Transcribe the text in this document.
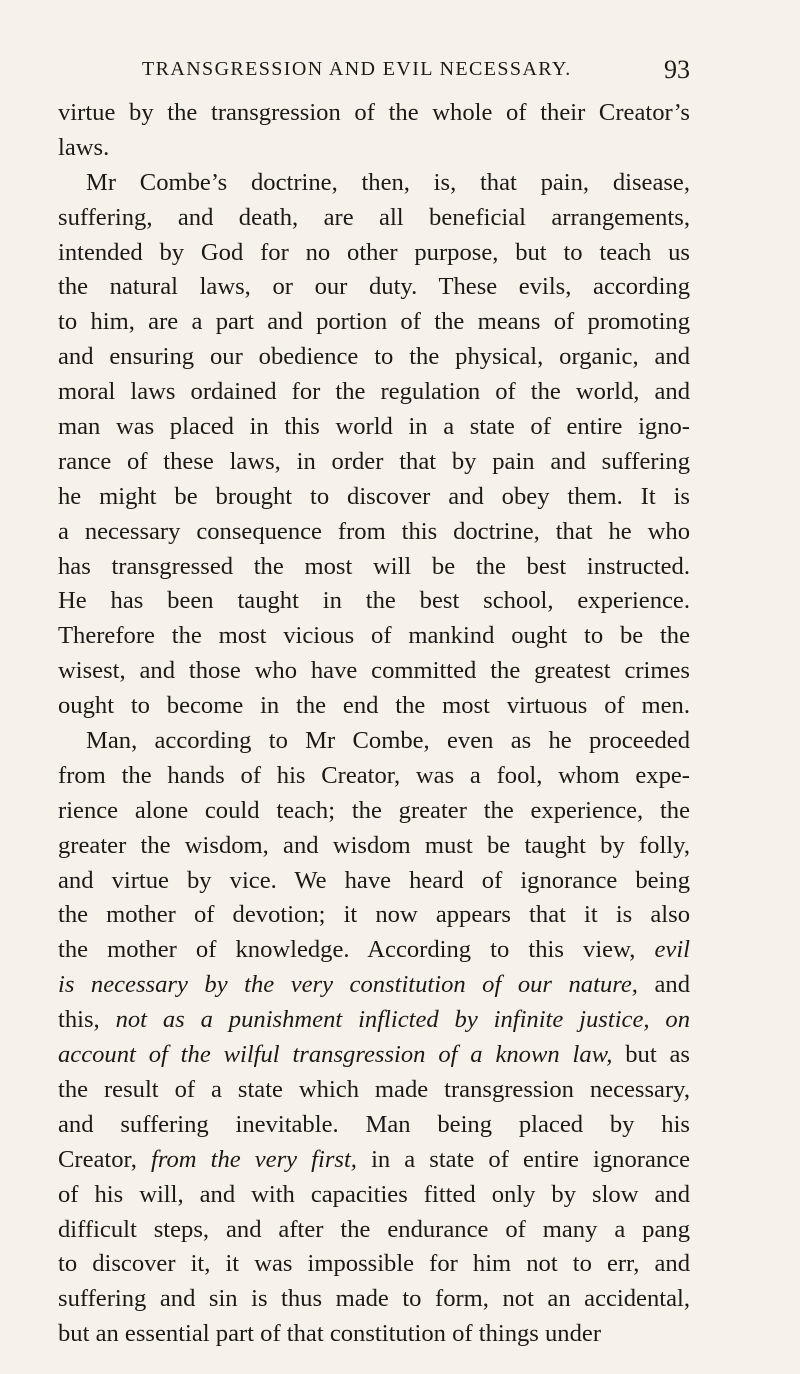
TRANSGRESSION AND EVIL NECESSARY.	93
virtue by the transgression of the whole of their Creator’s
laws.
Mr Combe’s doctrine, then, is, that pain, disease,
suffering, and death, are all beneficial arrangements,
intended by God for no other purpose, but to teach us
the natural laws, or our duty. These evils, according
to him, are a part and portion of the means of promoting
and ensuring our obedience to the physical, organic, and
moral laws ordained for the regulation of the world, and
man was placed in this world in a state of entire igno-
rance of these laws, in order that by pain and suffering
he might be brought to discover and obey them. It is
a necessary consequence from this doctrine, that he who
has transgressed the most will be the best instructed.
He has been taught in the best school, experience.
Therefore the most vicious of mankind ought to be the
wisest, and those who have committed the greatest crimes
ought to become in the end the most virtuous of men.
Man, according to Mr Combe, even as he proceeded
from the hands of his Creator, was a fool, whom expe-
rience alone could teach; the greater the experience, the
greater the wisdom, and wisdom must be taught by folly,
and virtue by vice. We have heard of ignorance being
the mother of devotion; it now appears that it is also
the mother of knowledge. According to this view, evil
is necessary by the very constitution of our nature, and
this, not as a punishment inflicted by infinite justice, on
account of the wilful transgression of a known law, but as
the result of a state which made transgression necessary,
and suffering inevitable. Man being placed by his
Creator, from the very first, in a state of entire ignorance
of his will, and with capacities fitted only by slow and
difficult steps, and after the endurance of many a pang
to discover it, it was impossible for him not to err, and
suffering and sin is thus made to form, not an accidental,
but an essential part of that constitution of things under
